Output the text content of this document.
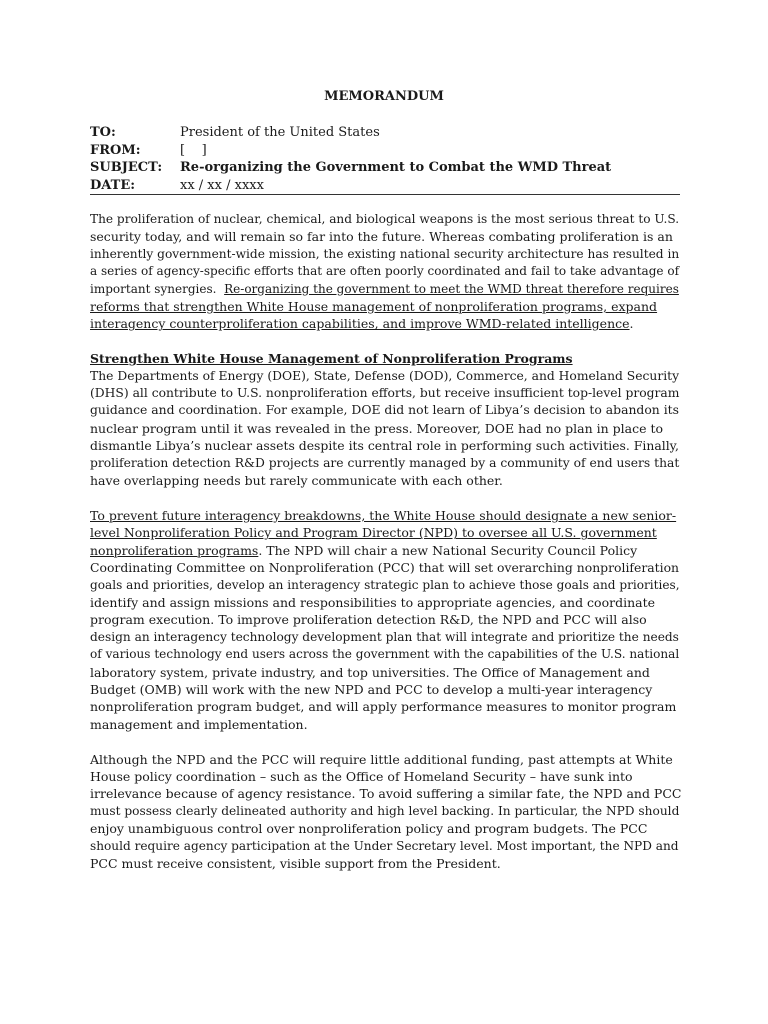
MEMORANDUM
TO:	President of the United States
FROM:	[    ]
SUBJECT:	Re-organizing the Government to Combat the WMD Threat
DATE:	xx / xx / xxxx

The proliferation of nuclear, chemical, and biological weapons is the most serious threat to U.S.
security today, and will remain so far into the future. Whereas combating proliferation is an
inherently government-wide mission, the existing national security architecture has resulted in
a series of agency-specific efforts that are often poorly coordinated and fail to take advantage of
important synergies.  Re-organizing the government to meet the WMD threat therefore requires
reforms that strengthen White House management of nonproliferation programs, expand
interagency counterproliferation capabilities, and improve WMD-related intelligence.

Strengthen White House Management of Nonproliferation Programs
The Departments of Energy (DOE), State, Defense (DOD), Commerce, and Homeland Security
(DHS) all contribute to U.S. nonproliferation efforts, but receive insufficient top-level program
guidance and coordination. For example, DOE did not learn of Libya’s decision to abandon its
nuclear program until it was revealed in the press. Moreover, DOE had no plan in place to
dismantle Libya’s nuclear assets despite its central role in performing such activities. Finally,
proliferation detection R&D projects are currently managed by a community of end users that
have overlapping needs but rarely communicate with each other.

To prevent future interagency breakdowns, the White House should designate a new senior-
level Nonproliferation Policy and Program Director (NPD) to oversee all U.S. government
nonproliferation programs. The NPD will chair a new National Security Council Policy
Coordinating Committee on Nonproliferation (PCC) that will set overarching nonproliferation
goals and priorities, develop an interagency strategic plan to achieve those goals and priorities,
identify and assign missions and responsibilities to appropriate agencies, and coordinate
program execution. To improve proliferation detection R&D, the NPD and PCC will also
design an interagency technology development plan that will integrate and prioritize the needs
of various technology end users across the government with the capabilities of the U.S. national
laboratory system, private industry, and top universities. The Office of Management and
Budget (OMB) will work with the new NPD and PCC to develop a multi-year interagency
nonproliferation program budget, and will apply performance measures to monitor program
management and implementation.

Although the NPD and the PCC will require little additional funding, past attempts at White
House policy coordination – such as the Office of Homeland Security – have sunk into
irrelevance because of agency resistance. To avoid suffering a similar fate, the NPD and PCC
must possess clearly delineated authority and high level backing. In particular, the NPD should
enjoy unambiguous control over nonproliferation policy and program budgets. The PCC
should require agency participation at the Under Secretary level. Most important, the NPD and
PCC must receive consistent, visible support from the President.
